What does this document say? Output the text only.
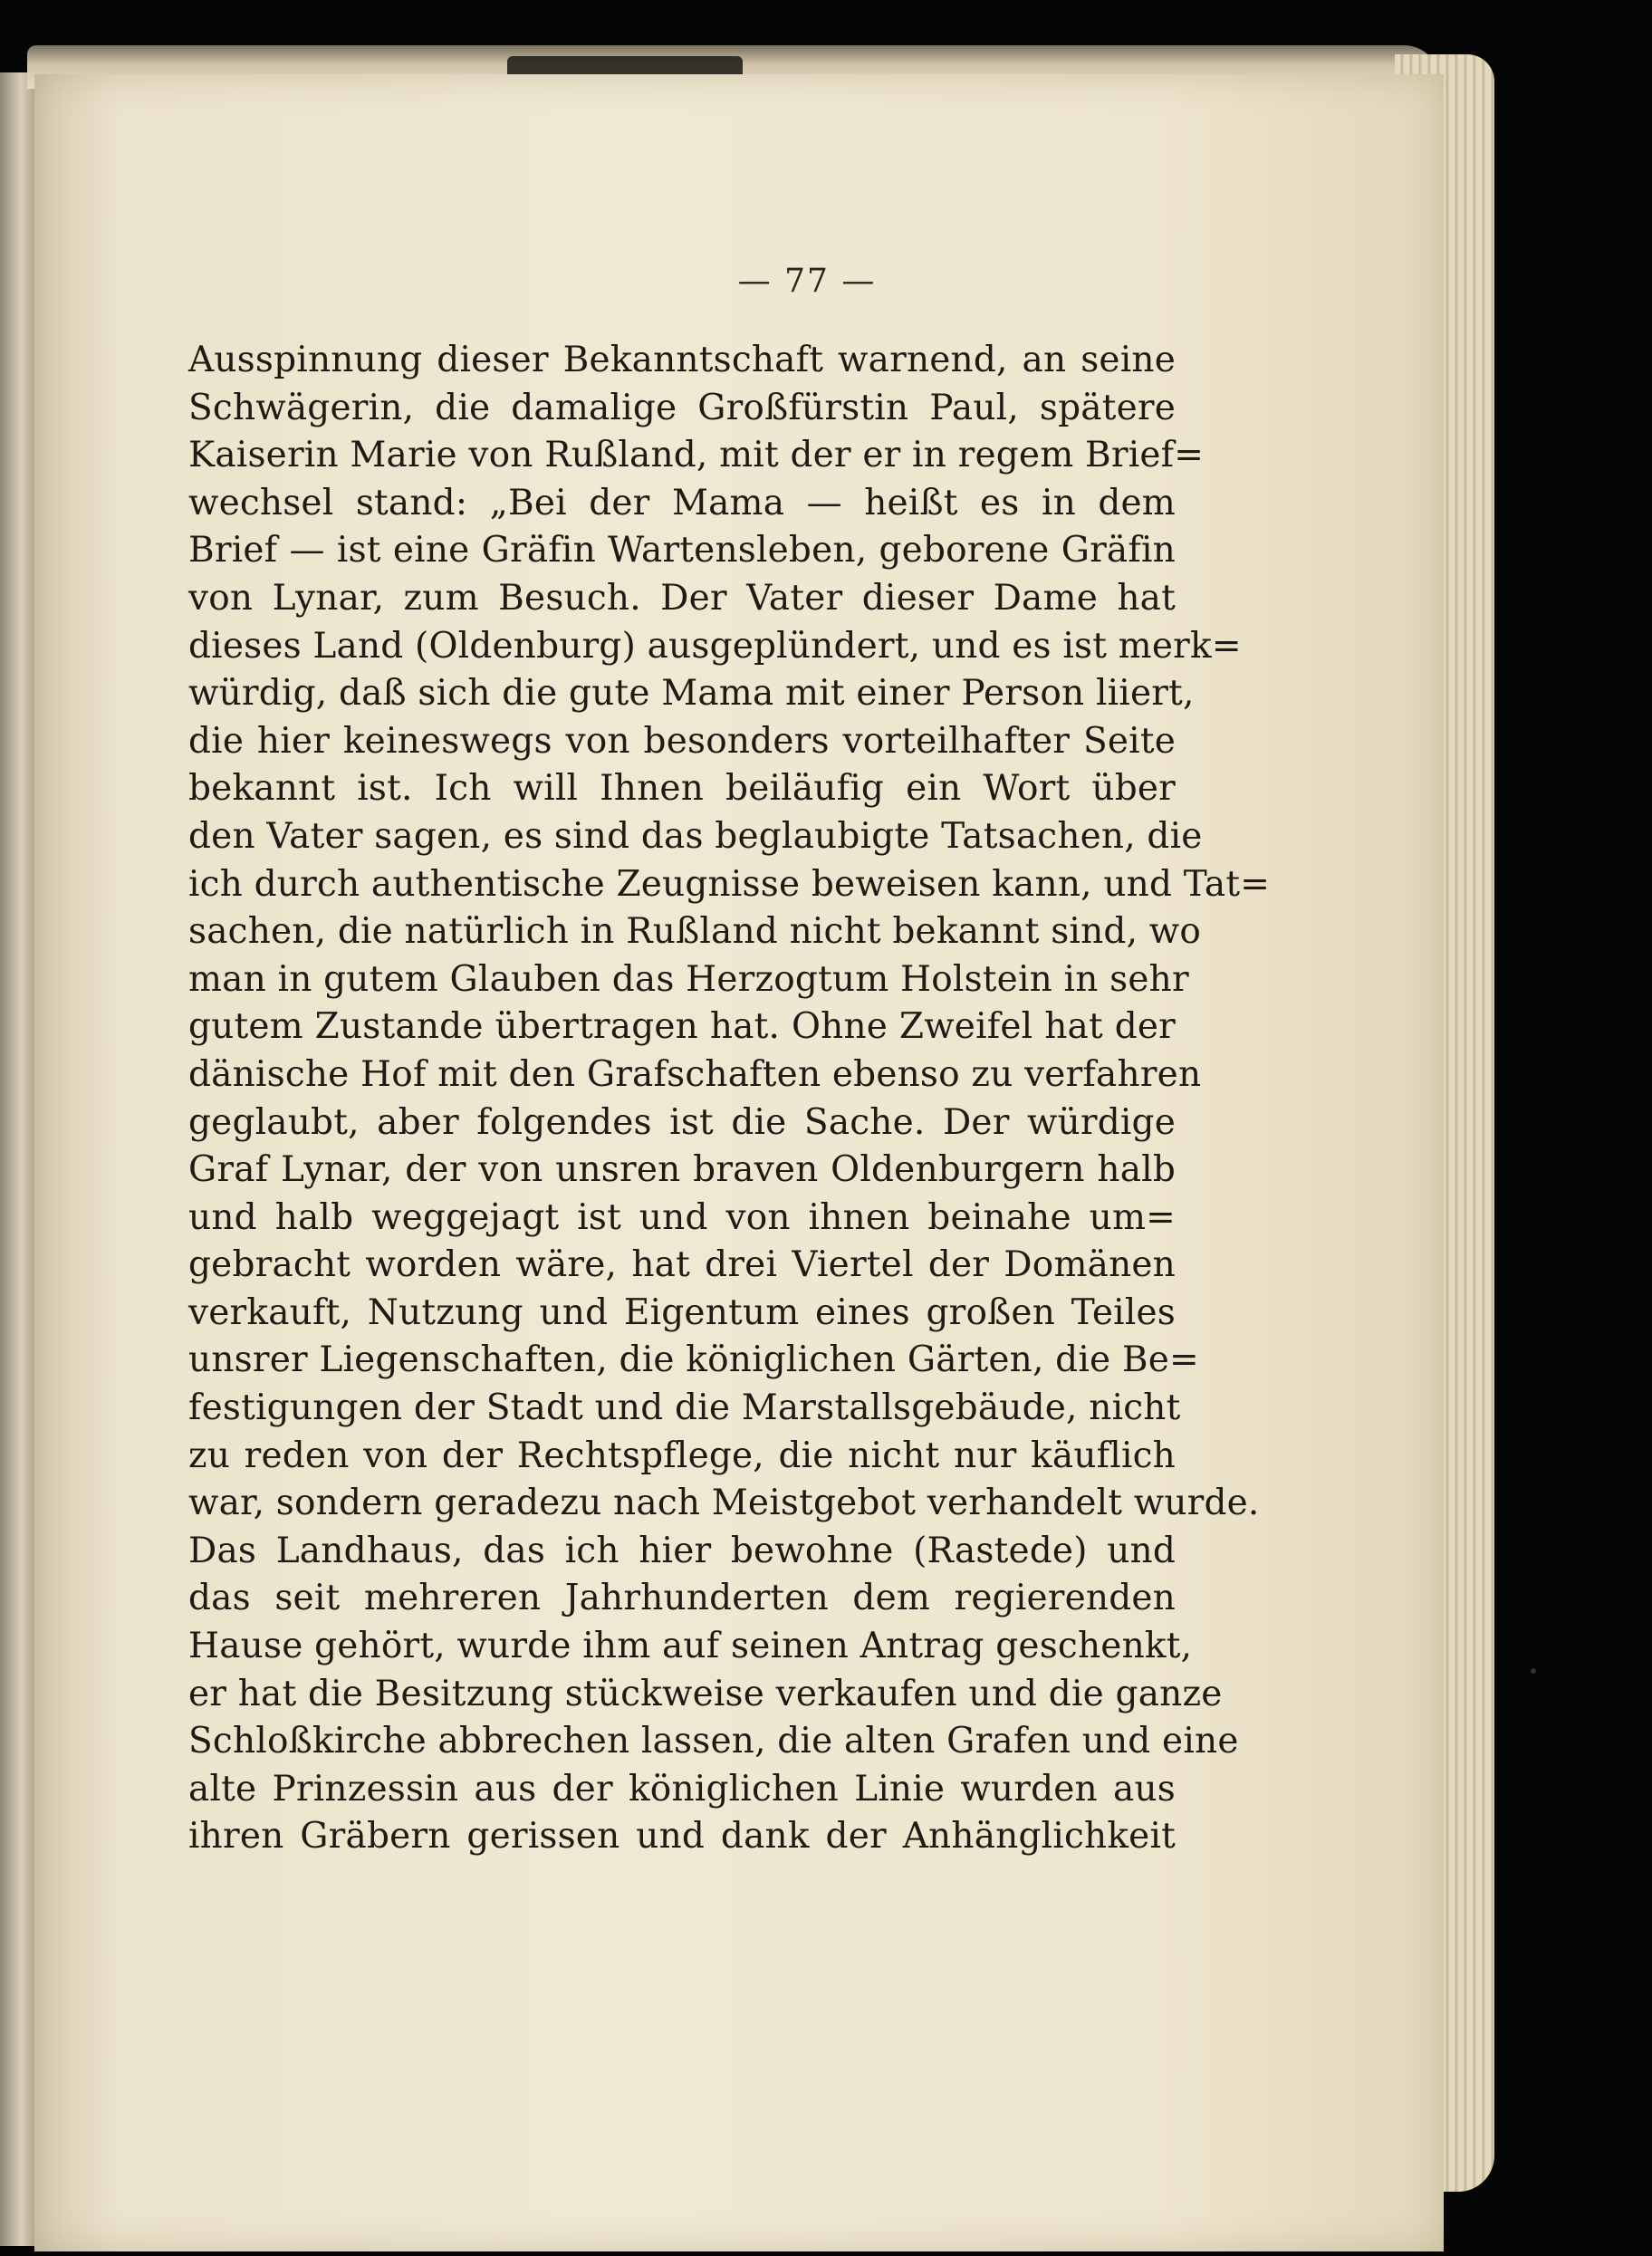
— 77 —
Ausspinnung dieser Bekanntschaft warnend, an seine
Schwägerin, die damalige Großfürstin Paul, spätere
Kaiserin Marie von Rußland, mit der er in regem Brief=
wechsel stand: „Bei der Mama — heißt es in dem
Brief — ist eine Gräfin Wartensleben, geborene Gräfin
von Lynar, zum Besuch. Der Vater dieser Dame hat
dieses Land (Oldenburg) ausgeplündert, und es ist merk=
würdig, daß sich die gute Mama mit einer Person liiert,
die hier keineswegs von besonders vorteilhafter Seite
bekannt ist. Ich will Ihnen beiläufig ein Wort über
den Vater sagen, es sind das beglaubigte Tatsachen, die
ich durch authentische Zeugnisse beweisen kann, und Tat=
sachen, die natürlich in Rußland nicht bekannt sind, wo
man in gutem Glauben das Herzogtum Holstein in sehr
gutem Zustande übertragen hat. Ohne Zweifel hat der
dänische Hof mit den Grafschaften ebenso zu verfahren
geglaubt, aber folgendes ist die Sache. Der würdige
Graf Lynar, der von unsren braven Oldenburgern halb
und halb weggejagt ist und von ihnen beinahe um=
gebracht worden wäre, hat drei Viertel der Domänen
verkauft, Nutzung und Eigentum eines großen Teiles
unsrer Liegenschaften, die königlichen Gärten, die Be=
festigungen der Stadt und die Marstallsgebäude, nicht
zu reden von der Rechtspflege, die nicht nur käuflich
war, sondern geradezu nach Meistgebot verhandelt wurde.
Das Landhaus, das ich hier bewohne (Rastede) und
das seit mehreren Jahrhunderten dem regierenden
Hause gehört, wurde ihm auf seinen Antrag geschenkt,
er hat die Besitzung stückweise verkaufen und die ganze
Schloßkirche abbrechen lassen, die alten Grafen und eine
alte Prinzessin aus der königlichen Linie wurden aus
ihren Gräbern gerissen und dank der Anhänglichkeit
